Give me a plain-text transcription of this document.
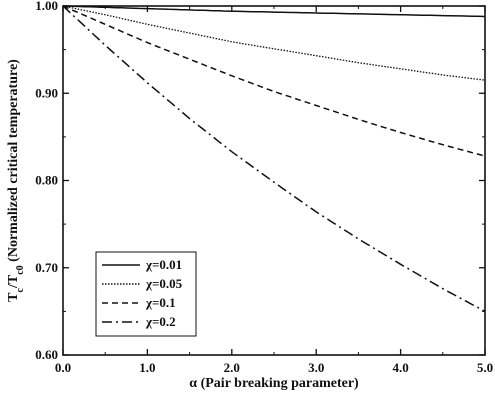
0.0	1.0	2.0	3.0	4.0	5.0
0.60
0.70
0.80
0.90
1.00
α (Pair breaking parameter)
$T_c/T_{c0}$ (Normalized critical temperature)	χ=0.01
χ=0.05
χ=0.1
χ=0.2
